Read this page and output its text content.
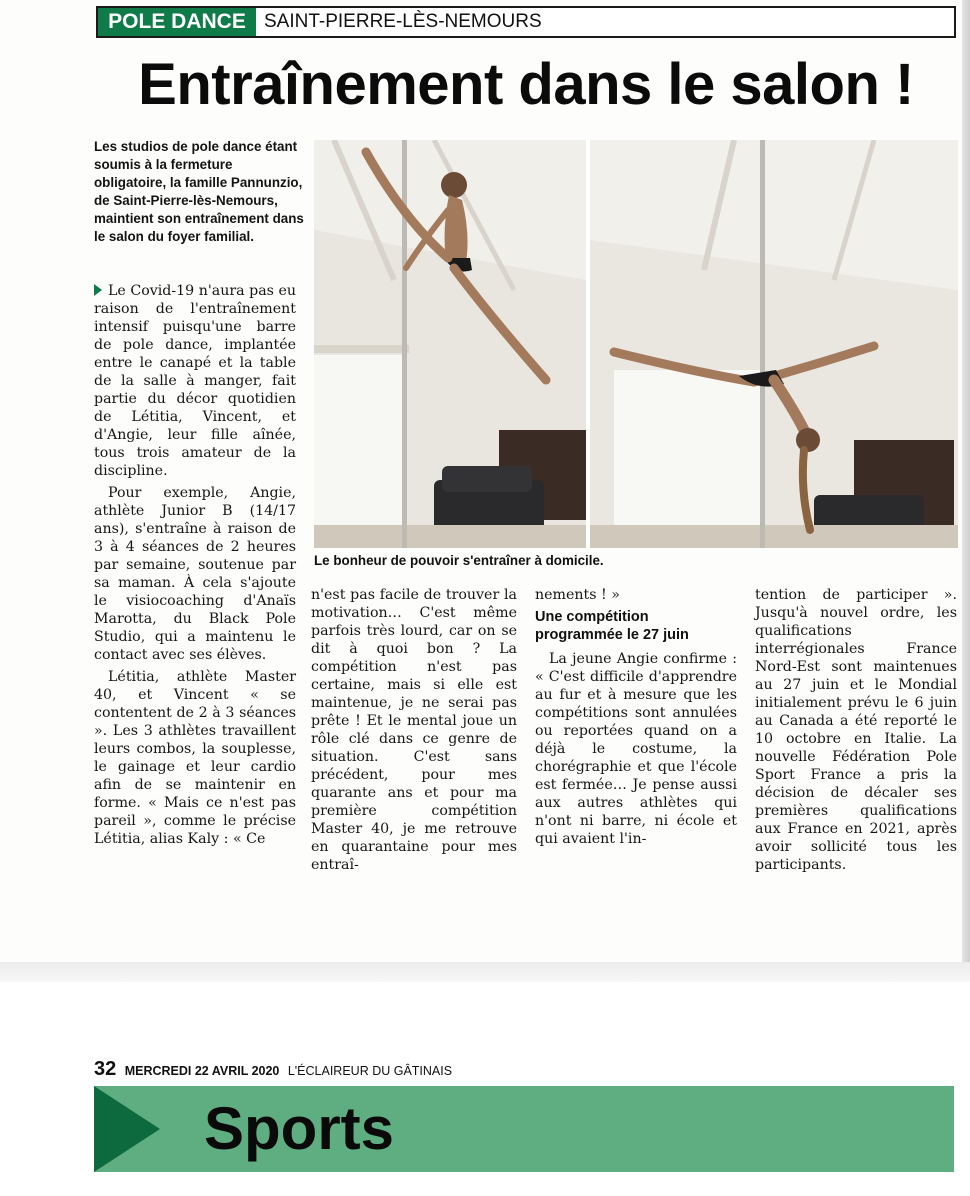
POLE DANCE SAINT-PIERRE-LÈS-NEMOURS
Entraînement dans le salon !
Les studios de pole dance étant soumis à la fermeture obligatoire, la famille Pannunzio, de Saint-Pierre-lès-Nemours, maintient son entraînement dans le salon du foyer familial.

Le Covid-19 n'aura pas eu raison de l'entraînement intensif puisqu'une barre de pole dance, implantée entre le canapé et la table de la salle à manger, fait partie du décor quotidien de Létitia, Vincent, et d'Angie, leur fille aînée, tous trois amateur de la discipline.

Pour exemple, Angie, athlète Junior B (14/17 ans), s'entraîne à raison de 3 à 4 séances de 2 heures par semaine, soutenue par sa maman. À cela s'ajoute le visiocoaching d'Anaïs Marotta, du Black Pole Studio, qui a maintenu le contact avec ses élèves.

Létitia, athlète Master 40, et Vincent « se contentent de 2 à 3 séances ». Les 3 athlètes travaillent leurs combos, la souplesse, le gainage et leur cardio afin de se maintenir en forme. « Mais ce n'est pas pareil », comme le précise Létitia, alias Kaly : « Ce

Le bonheur de pouvoir s'entraîner à domicile.

n'est pas facile de trouver la motivation… C'est même parfois très lourd, car on se dit à quoi bon ? La compétition n'est pas certaine, mais si elle est maintenue, je ne serai pas prête ! Et le mental joue un rôle clé dans ce genre de situation. C'est sans précédent, pour mes quarante ans et pour ma première compétition Master 40, je me retrouve en quarantaine pour mes entraî-

nements ! »

Une compétition programmée le 27 juin

La jeune Angie confirme : « C'est difficile d'apprendre au fur et à mesure que les compétitions sont annulées ou reportées quand on a déjà le costume, la chorégraphie et que l'école est fermée… Je pense aussi aux autres athlètes qui n'ont ni barre, ni école et qui avaient l'in-

tention de participer ». Jusqu'à nouvel ordre, les qualifications interrégionales France Nord-Est sont maintenues au 27 juin et le Mondial initialement prévu le 6 juin au Canada a été reporté le 10 octobre en Italie. La nouvelle Fédération Pole Sport France a pris la décision de décaler ses premières qualifications aux France en 2021, après avoir sollicité tous les participants.

32 MERCREDI 22 AVRIL 2020 L'ÉCLAIREUR DU GÂTINAIS
Sports
